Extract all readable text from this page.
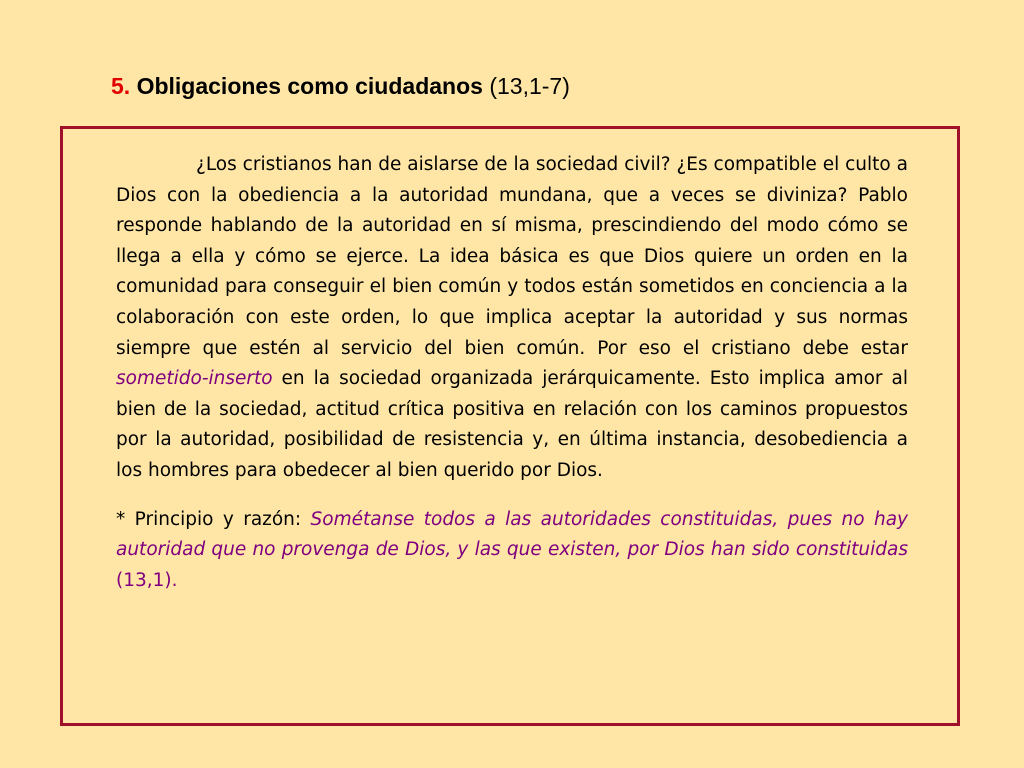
5. Obligaciones como ciudadanos (13,1-7)

¿Los cristianos han de aislarse de la sociedad civil? ¿Es compatible el culto a Dios con la obediencia a la autoridad mundana, que a veces se diviniza? Pablo responde hablando de la autoridad en sí misma, prescindiendo del modo cómo se llega a ella y cómo se ejerce. La idea básica es que Dios quiere un orden en la comunidad para conseguir el bien común y todos están sometidos en conciencia a la colaboración con este orden, lo que implica aceptar la autoridad y sus normas siempre que estén al servicio del bien común. Por eso el cristiano debe estar sometido-inserto en la sociedad organizada jerárquicamente. Esto implica amor al bien de la sociedad, actitud crítica positiva en relación con los caminos propuestos por la autoridad, posibilidad de resistencia y, en última instancia, desobediencia a los hombres para obedecer al bien querido por Dios.

* Principio y razón: Sométanse todos a las autoridades constituidas, pues no hay autoridad que no provenga de Dios, y las que existen, por Dios han sido constituidas (13,1).
